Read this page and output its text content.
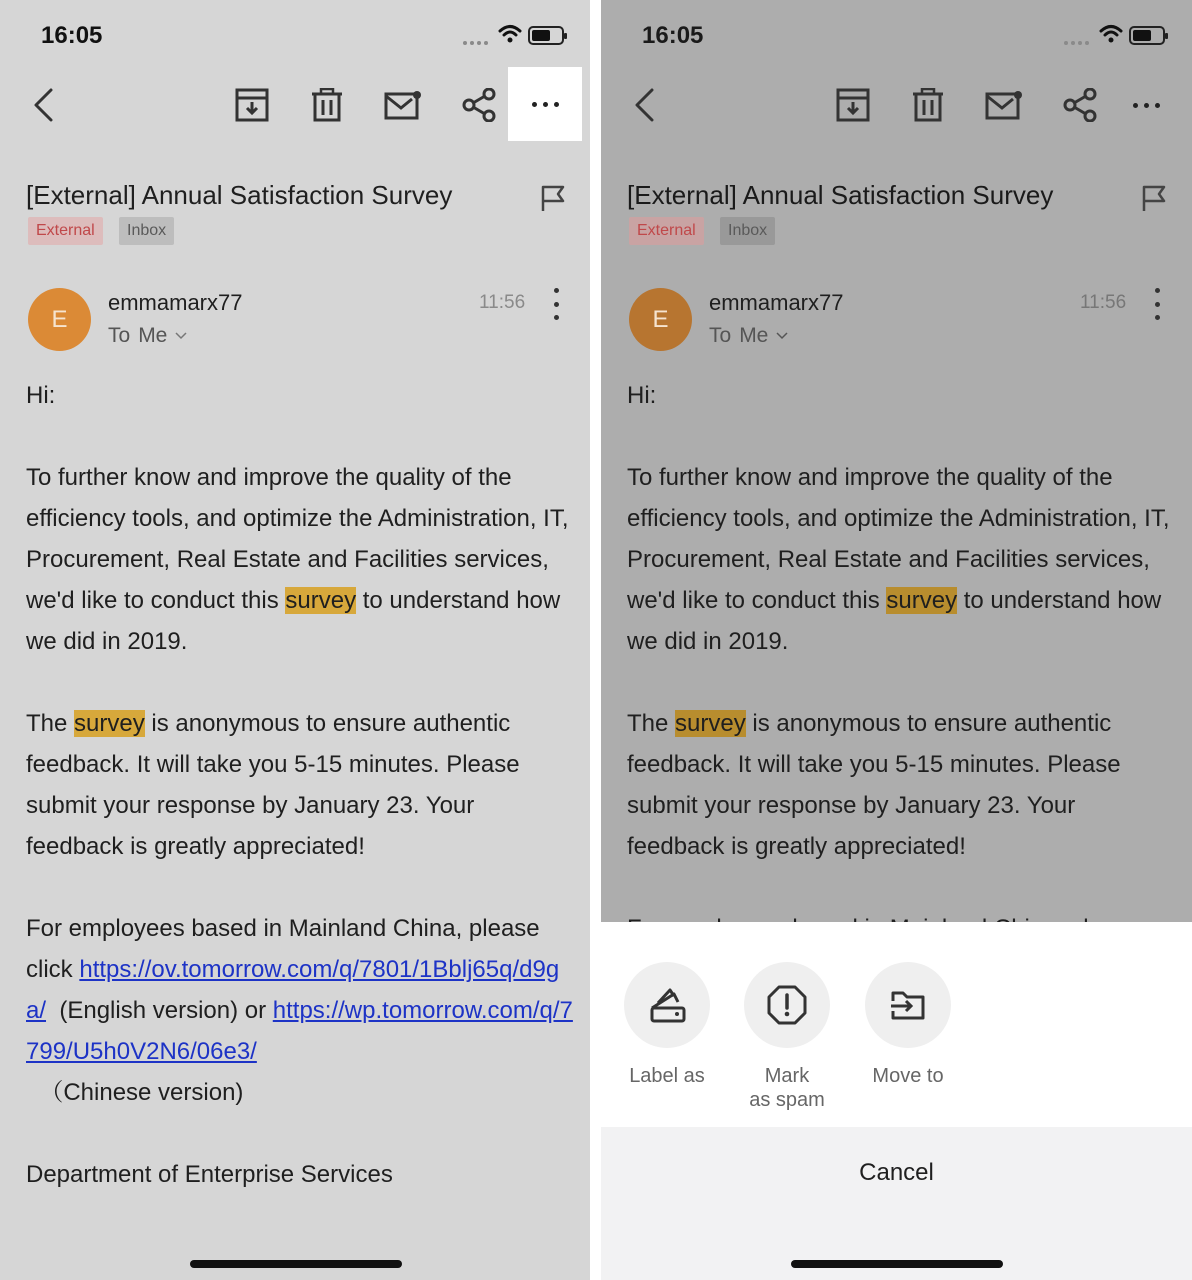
16:05
[External] Annual Satisfaction Survey
External	Inbox
E
emmamarx77
To Me
11:56

Hi:

To further know and improve the quality of the efficiency tools, and optimize the Administration, IT, Procurement, Real Estate and Facilities services, we'd like to conduct this survey to understand how we did in 2019.

The survey is anonymous to ensure authentic feedback. It will take you 5-15 minutes. Please submit your response by January 23. Your feedback is greatly appreciated!

For employees based in Mainland China, please click https://ov.tomorrow.com/q/7801/1Bblj65q/d9ga/  (English version) or https://wp.tomorrow.com/q/7799/U5h0V2N6/06e3/
（Chinese version)

Department of Enterprise Services

16:05
[External] Annual Satisfaction Survey
External	Inbox
E
emmamarx77
To Me
11:56

Hi:

To further know and improve the quality of the efficiency tools, and optimize the Administration, IT, Procurement, Real Estate and Facilities services, we'd like to conduct this survey to understand how we did in 2019.

The survey is anonymous to ensure authentic feedback. It will take you 5-15 minutes. Please submit your response by January 23. Your feedback is greatly appreciated!

Label as	Mark
as spam
Move to
Cancel
